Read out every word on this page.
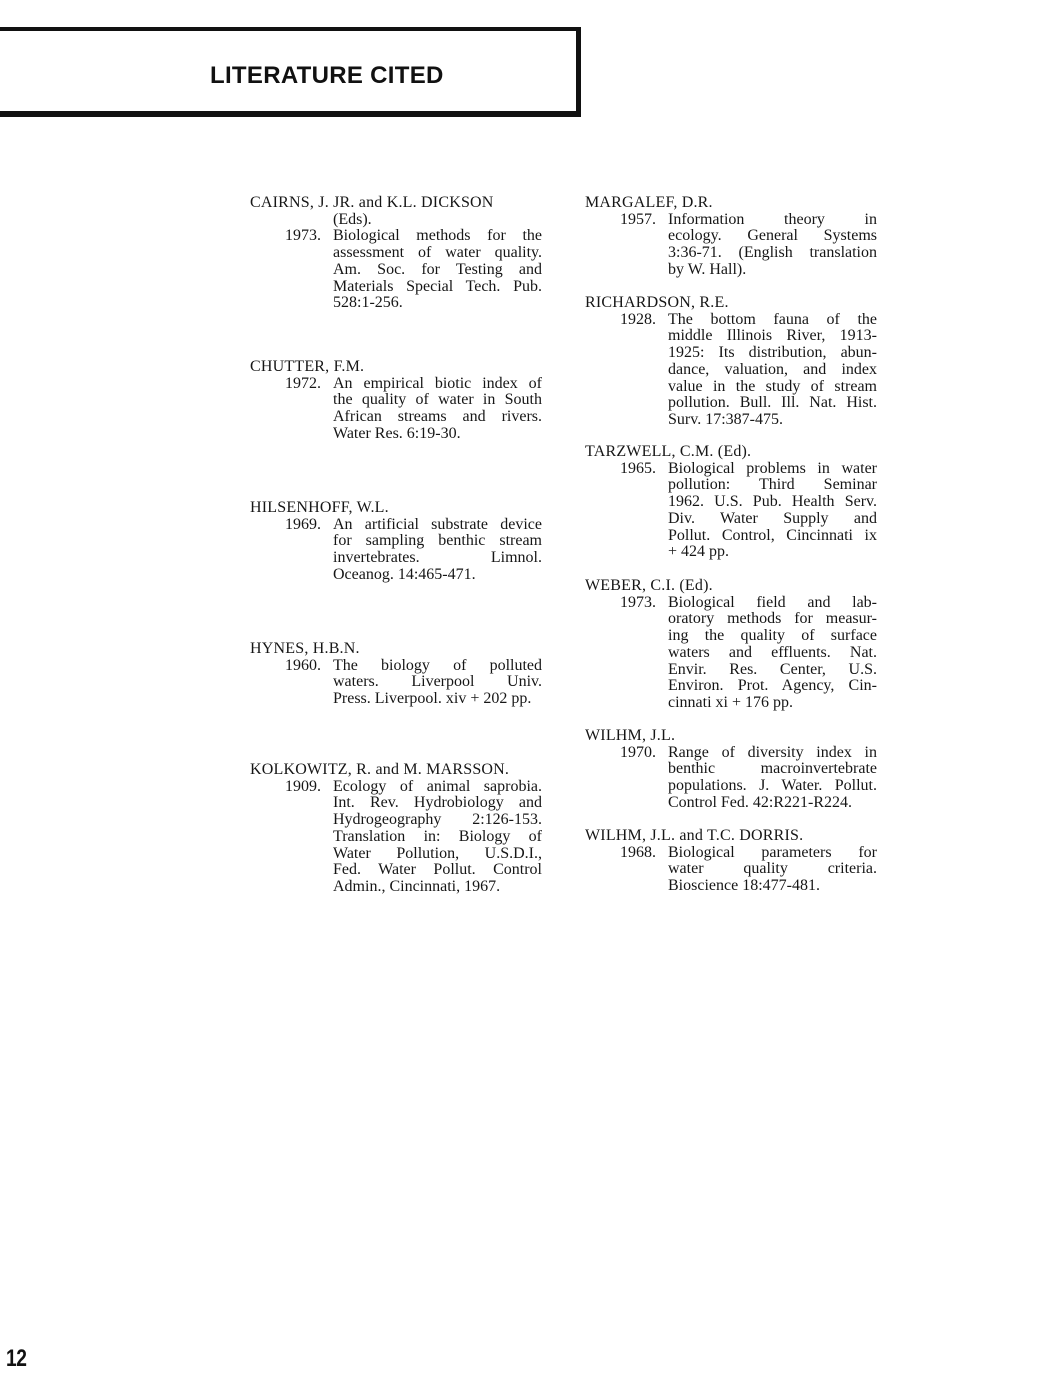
LITERATURE CITED
CAIRNS, J. JR. and K.L. DICKSON
(Eds).
1973. Biological methods for the
assessment of water quality.
Am. Soc. for Testing and
Materials Special Tech. Pub.
528:1-256.
CHUTTER, F.M.
1972. An empirical biotic index of
the quality of water in South
African streams and rivers.
Water Res. 6:19-30.
HILSENHOFF, W.L.
1969. An artificial substrate device
for sampling benthic stream
invertebrates. Limnol.
Oceanog. 14:465-471.
HYNES, H.B.N.
1960. The biology of polluted
waters. Liverpool Univ.
Press. Liverpool. xiv + 202 pp.
KOLKOWITZ, R. and M. MARSSON.
1909. Ecology of animal saprobia.
Int. Rev. Hydrobiology and
Hydrogeography 2:126-153.
Translation in: Biology of
Water Pollution, U.S.D.I.,
Fed. Water Pollut. Control
Admin., Cincinnati, 1967.
MARGALEF, D.R.
1957. Information theory in
ecology. General Systems
3:36-71. (English translation
by W. Hall).
RICHARDSON, R.E.
1928. The bottom fauna of the
middle Illinois River, 1913-
1925: Its distribution, abun-
dance, valuation, and index
value in the study of stream
pollution. Bull. Ill. Nat. Hist.
Surv. 17:387-475.
TARZWELL, C.M. (Ed).
1965. Biological problems in water
pollution: Third Seminar
1962. U.S. Pub. Health Serv.
Div. Water Supply and
Pollut. Control, Cincinnati ix
+ 424 pp.
WEBER, C.I. (Ed).
1973. Biological field and lab-
oratory methods for measur-
ing the quality of surface
waters and effluents. Nat.
Envir. Res. Center, U.S.
Environ. Prot. Agency, Cin-
cinnati xi + 176 pp.
WILHM, J.L.
1970. Range of diversity index in
benthic macroinvertebrate
populations. J. Water. Pollut.
Control Fed. 42:R221-R224.
WILHM, J.L. and T.C. DORRIS.
1968. Biological parameters for
water quality criteria.
Bioscience 18:477-481.
12
